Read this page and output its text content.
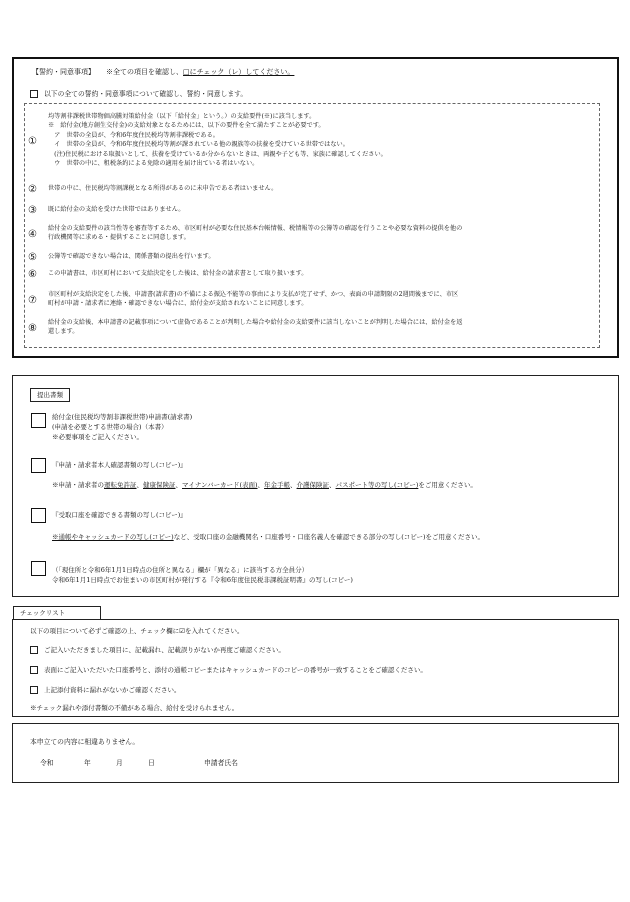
【誓約・同意事項】 ※全ての項目を確認し、□にチェック（レ）してください。
以下の全ての誓約・同意事項について確認し、誓約・同意します。
①
均等割非課税世帯物価高騰対策給付金（以下「給付金」という。）の支給要件(※)に該当します。
※　給付金(地方創生交付金)の支給対象となるためには、以下の要件を全て満たすことが必要です。
　ア　世帯の全員が、令和6年度住民税均等割非課税である。
　イ　世帯の全員が、令和6年度住民税均等割が課されている他の親族等の扶養を受けている世帯ではない。
　(注)住民税における取扱いとして、扶養を受けているか分からないときは、両親や子ども等、家族に確認してください。
　ウ　世帯の中に、租税条約による免除の適用を届け出ている者はいない。
② 世帯の中に、住民税均等割課税となる所得があるのに未申告である者はいません。
③ 既に給付金の支給を受けた世帯ではありません。
④
給付金の支給要件の該当性等を審査等するため、市区町村が必要な住民基本台帳情報、税情報等の公簿等の確認を行うことや必要な資料の提供を他の
行政機関等に求める・提供することに同意します。
⑤ 公簿等で確認できない場合は、関係書類の提出を行います。
⑥ この申請書は、市区町村において支給決定をした後は、給付金の請求書として取り扱います。
⑦
市区町村が支給決定をした後、申請書(請求書)の不備による振込不能等の事由により支払が完了せず、かつ、表面の申請期限の2週間後までに、市区
町村が申請・請求者に連絡・確認できない場合に、給付金が支給されないことに同意します。
⑧
給付金の支給後、本申請書の記載事項について虚偽であることが判明した場合や給付金の支給要件に該当しないことが判明した場合には、給付金を返
還します。
提出書類
給付金(住民税均等割非課税世帯)申請書(請求書)
(申請を必要とする世帯の場合)（本書）
※必要事項をご記入ください。
『申請・請求者本人確認書類の写し(コピー)』
※申請・請求者の運転免許証、健康保険証、マイナンバーカード(表面)、年金手帳、介護保険証、パスポート等の写し(コピー)をご用意ください。
『受取口座を確認できる書類の写し(コピー)』
※通帳やキャッシュカードの写し(コピー)など、受取口座の金融機関名・口座番号・口座名義人を確認できる部分の写し(コピー)をご用意ください。
（「現住所と令和6年1月1日時点の住所と異なる」欄が「異なる」に該当する方全員分）
令和6年1月1日時点でお住まいの市区町村が発行する『令和6年度住民税非課税証明書』の写し(コピー)
チェックリスト
以下の項目について必ずご確認の上、チェック欄に☑を入れてください。
ご記入いただきました項目に、記載漏れ、記載誤りがないか再度ご確認ください。
表面にご記入いただいた口座番号と、添付の通帳コピーまたはキャッシュカードのコピーの番号が一致することをご確認ください。
上記添付資料に漏れがないかご確認ください。
※チェック漏れや添付書類の不備がある場合、給付を受けられません。
本申立ての内容に相違ありません。
令和	年	月	日	申請者氏名
